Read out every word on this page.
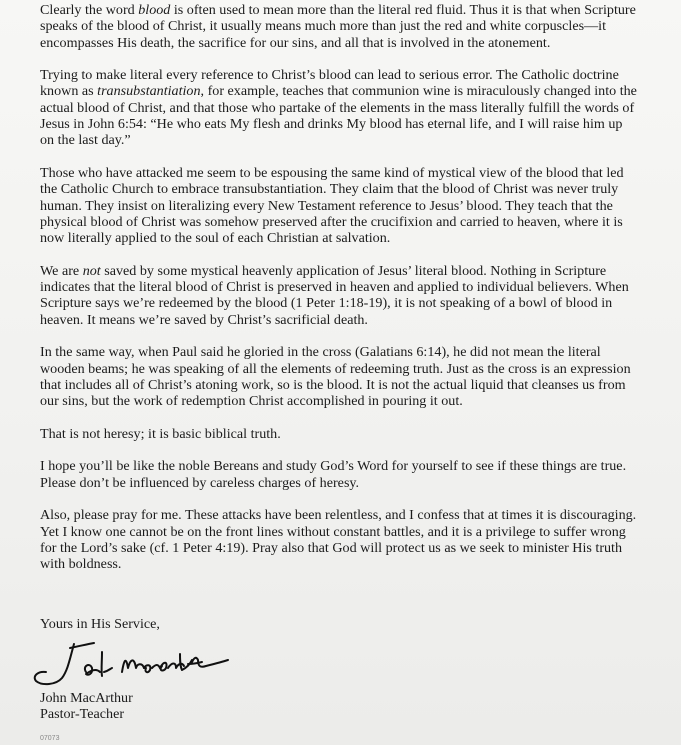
Clearly the word blood is often used to mean more than the literal red fluid. Thus it is that when Scripture speaks of the blood of Christ, it usually means much more than just the red and white corpuscles—it encompasses His death, the sacrifice for our sins, and all that is involved in the atonement.

Trying to make literal every reference to Christ’s blood can lead to serious error. The Catholic doctrine known as transubstantiation, for example, teaches that communion wine is miraculously changed into the actual blood of Christ, and that those who partake of the elements in the mass literally fulfill the words of Jesus in John 6:54: “He who eats My flesh and drinks My blood has eternal life, and I will raise him up on the last day.”

Those who have attacked me seem to be espousing the same kind of mystical view of the blood that led the Catholic Church to embrace transubstantiation. They claim that the blood of Christ was never truly human. They insist on literalizing every New Testament reference to Jesus’ blood. They teach that the physical blood of Christ was somehow preserved after the crucifixion and carried to heaven, where it is now literally applied to the soul of each Christian at salvation.

We are not saved by some mystical heavenly application of Jesus’ literal blood. Nothing in Scripture indicates that the literal blood of Christ is preserved in heaven and applied to individual believers. When Scripture says we’re redeemed by the blood (1 Peter 1:18-19), it is not speaking of a bowl of blood in heaven. It means we’re saved by Christ’s sacrificial death.

In the same way, when Paul said he gloried in the cross (Galatians 6:14), he did not mean the literal wooden beams; he was speaking of all the elements of redeeming truth. Just as the cross is an expression that includes all of Christ’s atoning work, so is the blood. It is not the actual liquid that cleanses us from our sins, but the work of redemption Christ accomplished in pouring it out.

That is not heresy; it is basic biblical truth.

I hope you’ll be like the noble Bereans and study God’s Word for yourself to see if these things are true. Please don’t be influenced by careless charges of heresy.

Also, please pray for me. These attacks have been relentless, and I confess that at times it is discouraging. Yet I know one cannot be on the front lines without constant battles, and it is a privilege to suffer wrong for the Lord’s sake (cf. 1 Peter 4:19). Pray also that God will protect us as we seek to minister His truth with boldness.

Yours in His Service,

John MacArthur
Pastor-Teacher
07073
